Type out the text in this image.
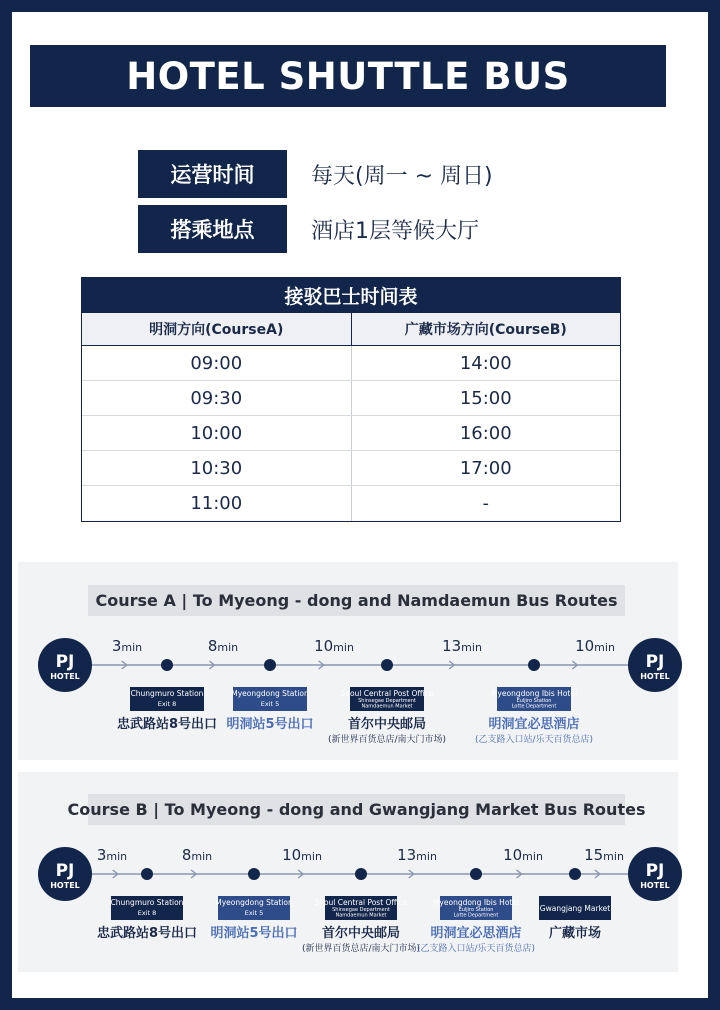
HOTEL SHUTTLE BUS
运营时间	每天(周一 ~ 周日)
搭乘地点	酒店1层等候大厅
接驳巴士时间表
明洞方向(CourseA)	广藏市场方向(CourseB)
09:00	14:00
09:30	15:00
10:00	16:00
10:30	17:00
11:00	-
Course A | To Myeong - dong and Namdaemun Bus Routes
Course B | To Myeong - dong and Gwangjang Market Bus Routes
PJ
HOTEL
PJ
HOTEL
3min	8min	10min	13min	10min
Chungmuro Station
Exit 8
忠武路站8号出口
Myeongdong Station
Exit 5
明洞站5号出口
Seoul Central Post Office
Shinsegae Department
Namdaemun Market
首尔中央邮局
(新世界百货总店/南大门市场)
Myeongdong Ibis Hotel
Euljiro Station
Lotte Department
明洞宜必思酒店
(乙支路入口站/乐天百货总店)
PJ
HOTEL
PJ
HOTEL
3min	8min	10min	13min	10min	15min
Chungmuro Station
Exit 8
忠武路站8号出口
Myeongdong Station
Exit 5
明洞站5号出口
Seoul Central Post Office
Shinsegae Department
Namdaemun Market
首尔中央邮局
(新世界百货总店/南大门市场)
Myeongdong Ibis Hotel
Euljiro Station
Lotte Department
明洞宜必思酒店
(乙支路入口站/乐天百货总店)
Gwangjang Market
广藏市场
